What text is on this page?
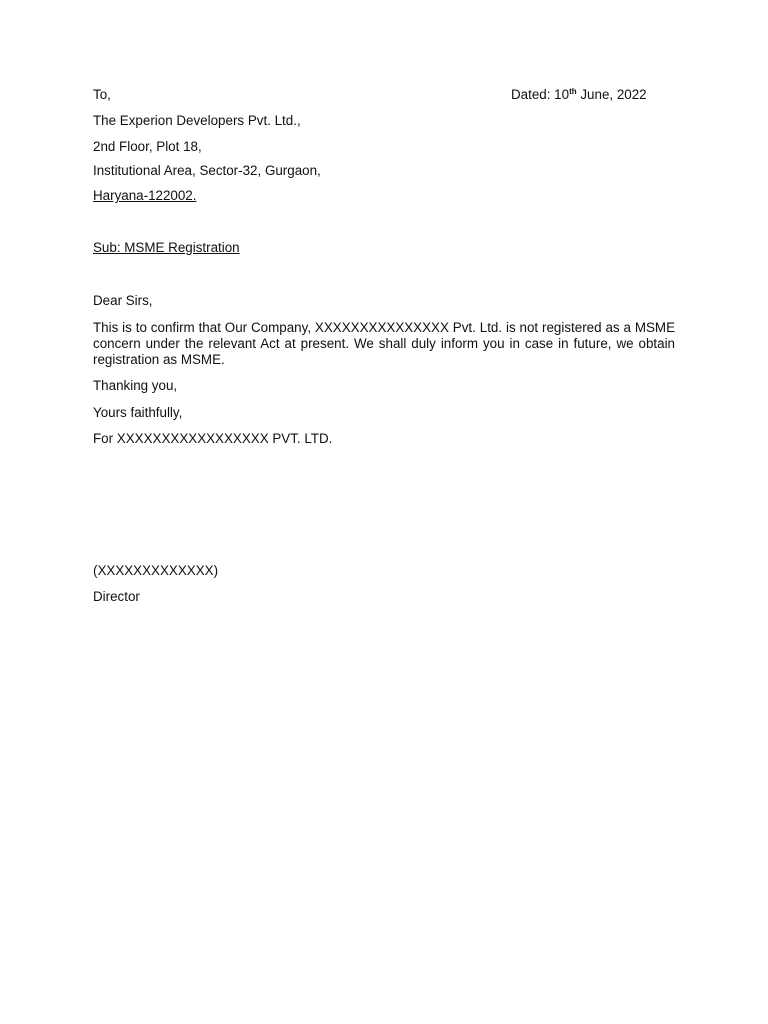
To,	Dated: 10th June, 2022
The Experion Developers Pvt. Ltd.,
2nd Floor, Plot 18,
Institutional Area, Sector-32, Gurgaon,
Haryana-122002.
Sub: MSME Registration
Dear Sirs,
This is to confirm that Our Company, XXXXXXXXXXXXXXX Pvt. Ltd. is not registered as a MSME concern under the relevant Act at present. We shall duly inform you in case in future, we obtain registration as MSME.
Thanking you,
Yours faithfully,
For XXXXXXXXXXXXXXXXX PVT. LTD.
(XXXXXXXXXXXXX)
Director
